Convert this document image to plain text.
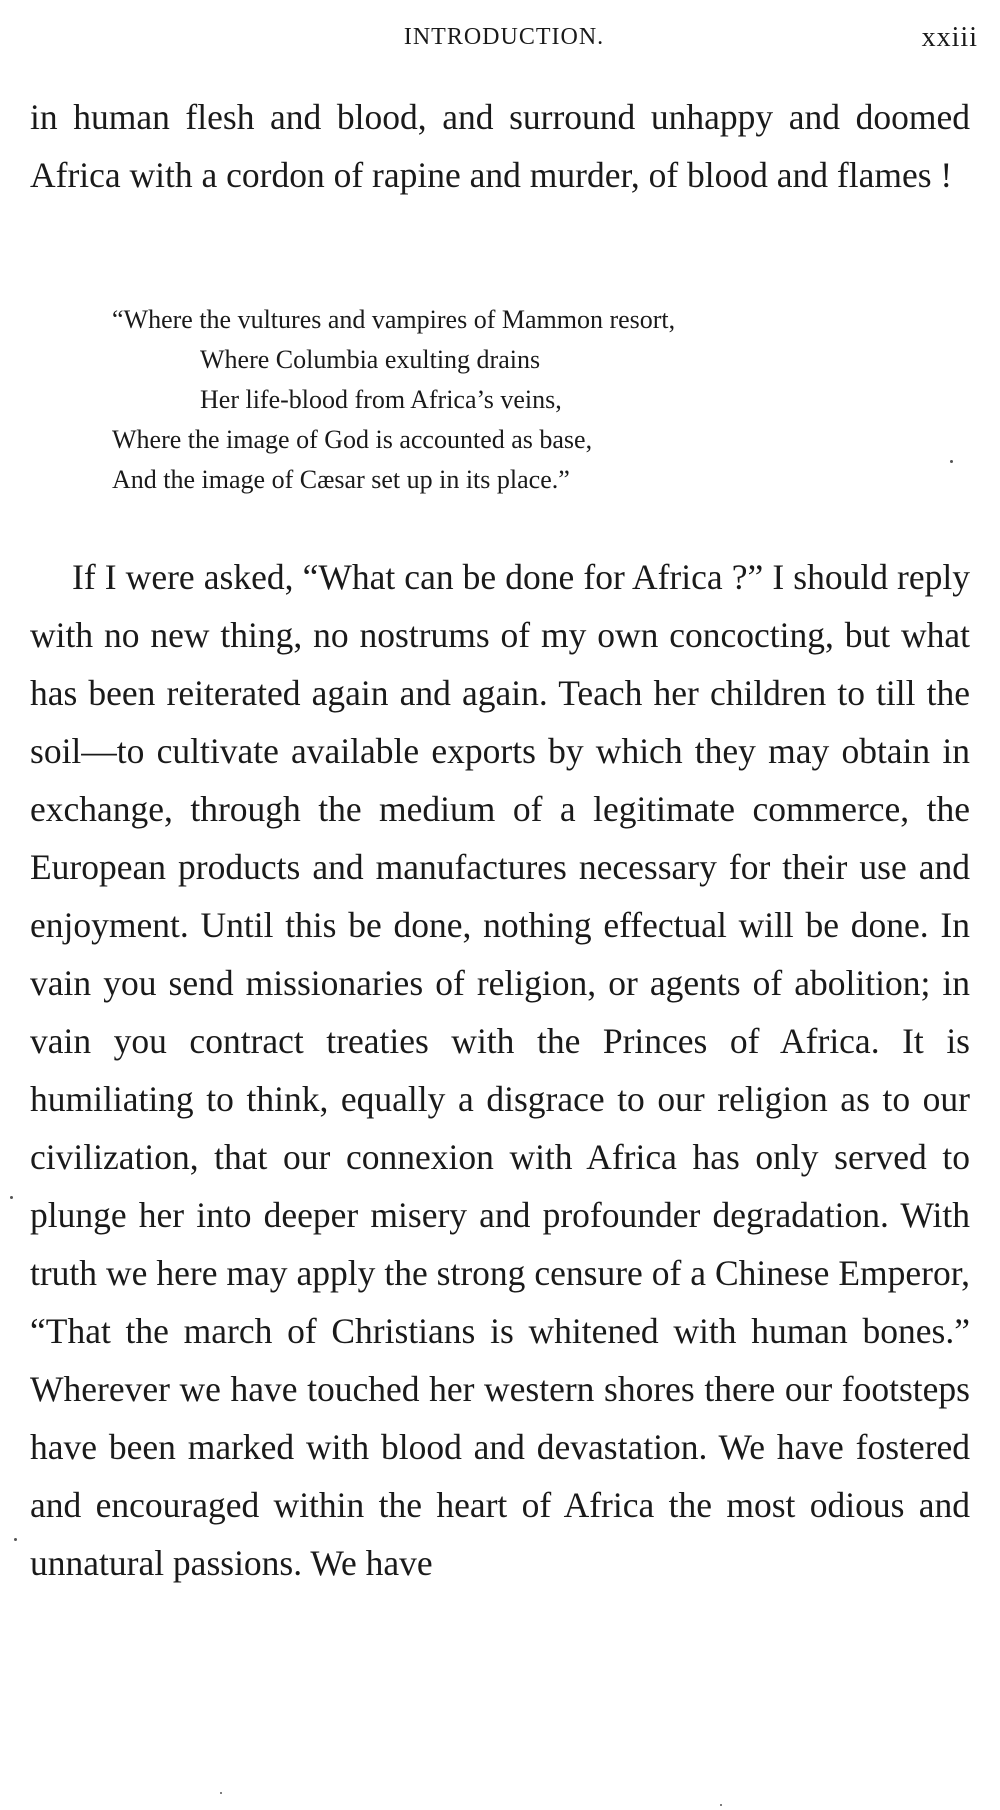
INTRODUCTION.	xxiii

in human flesh and blood, and surround unhappy and doomed Africa with a cordon of rapine and murder, of blood and flames !

“Where the vultures and vampires of Mammon resort,
Where Columbia exulting drains
Her life-blood from Africa’s veins,
Where the image of God is accounted as base,
And the image of Cæsar set up in its place.”

If I were asked, “What can be done for Africa ?” I should reply with no new thing, no nostrums of my own concocting, but what has been reiterated again and again. Teach her children to till the soil—to cultivate available exports by which they may obtain in exchange, through the medium of a legitimate commerce, the European products and manufactures necessary for their use and enjoyment. Until this be done, nothing effectual will be done. In vain you send missionaries of religion, or agents of abolition; in vain you contract treaties with the Princes of Africa. It is humiliating to think, equally a disgrace to our religion as to our civilization, that our connexion with Africa has only served to plunge her into deeper misery and profounder degradation. With truth we here may apply the strong censure of a Chinese Emperor, “That the march of Christians is whitened with human bones.” Wherever we have touched her western shores there our footsteps have been marked with blood and devastation. We have fostered and encouraged within the heart of Africa the most odious and unnatural passions. We have
